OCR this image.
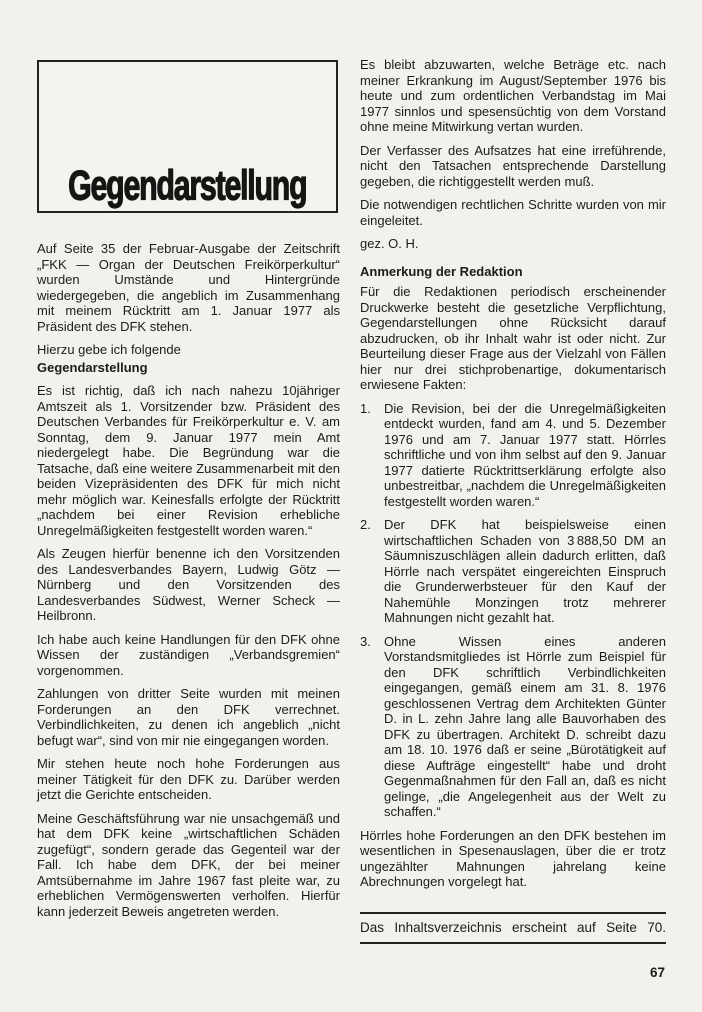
Gegendarstellung

Auf Seite 35 der Februar-Ausgabe der Zeitschrift „FKK — Organ der Deutschen Freikörperkultur“ wurden Umstände und Hintergründe wiedergegeben, die angeblich im Zusammenhang mit meinem Rücktritt am 1. Januar 1977 als Präsident des DFK stehen.

Hierzu gebe ich folgende

Gegendarstellung

Es ist richtig, daß ich nach nahezu 10jähriger Amtszeit als 1. Vorsitzender bzw. Präsident des Deutschen Verbandes für Freikörperkultur e. V. am Sonntag, dem 9. Januar 1977 mein Amt niedergelegt habe. Die Begründung war die Tatsache, daß eine weitere Zusammenarbeit mit den beiden Vizepräsidenten des DFK für mich nicht mehr möglich war. Keinesfalls erfolgte der Rücktritt „nachdem bei einer Revision erhebliche Unregelmäßigkeiten festgestellt worden waren.“

Als Zeugen hierfür benenne ich den Vorsitzenden des Landesverbandes Bayern, Ludwig Götz — Nürnberg und den Vorsitzenden des Landesverbandes Südwest, Werner Scheck — Heilbronn.

Ich habe auch keine Handlungen für den DFK ohne Wissen der zuständigen „Verbandsgremien“ vorgenommen.

Zahlungen von dritter Seite wurden mit meinen Forderungen an den DFK verrechnet. Verbindlichkeiten, zu denen ich angeblich „nicht befugt war“, sind von mir nie eingegangen worden.

Mir stehen heute noch hohe Forderungen aus meiner Tätigkeit für den DFK zu. Darüber werden jetzt die Gerichte entscheiden.

Meine Geschäftsführung war nie unsachgemäß und hat dem DFK keine „wirtschaftlichen Schäden zugefügt“, sondern gerade das Gegenteil war der Fall. Ich habe dem DFK, der bei meiner Amtsübernahme im Jahre 1967 fast pleite war, zu erheblichen Vermögenswerten verholfen. Hierfür kann jederzeit Beweis angetreten werden.

Es bleibt abzuwarten, welche Beträge etc. nach meiner Erkrankung im August/September 1976 bis heute und zum ordentlichen Verbandstag im Mai 1977 sinnlos und spesensüchtig von dem Vorstand ohne meine Mitwirkung vertan wurden.

Der Verfasser des Aufsatzes hat eine irreführende, nicht den Tatsachen entsprechende Darstellung gegeben, die richtiggestellt werden muß.

Die notwendigen rechtlichen Schritte wurden von mir eingeleitet.

gez. O. H.

Anmerkung der Redaktion

Für die Redaktionen periodisch erscheinender Druckwerke besteht die gesetzliche Verpflichtung, Gegendarstellungen ohne Rücksicht darauf abzudrucken, ob ihr Inhalt wahr ist oder nicht. Zur Beurteilung dieser Frage aus der Vielzahl von Fällen hier nur drei stichprobenartige, dokumentarisch erwiesene Fakten:

1.	Die Revision, bei der die Unregelmäßigkeiten entdeckt wurden, fand am 4. und 5. Dezember 1976 und am 7. Januar 1977 statt. Hörrles schriftliche und von ihm selbst auf den 9. Januar 1977 datierte Rücktrittserklärung erfolgte also unbestreitbar, „nachdem die Unregelmäßigkeiten festgestellt worden waren.“
2.	Der DFK hat beispielsweise einen wirtschaftlichen Schaden von 3 888,50 DM an Säumniszuschlägen allein dadurch erlitten, daß Hörrle nach verspätet eingereichten Einspruch die Grunderwerbsteuer für den Kauf der Nahemühle Monzingen trotz mehrerer Mahnungen nicht gezahlt hat.
3.	Ohne Wissen eines anderen Vorstandsmitgliedes ist Hörrle zum Beispiel für den DFK schriftlich Verbindlichkeiten eingegangen, gemäß einem am 31. 8. 1976 geschlossenen Vertrag dem Architekten Günter D. in L. zehn Jahre lang alle Bauvorhaben des DFK zu übertragen. Architekt D. schreibt dazu am 18. 10. 1976 daß er seine „Bürotätigkeit auf diese Aufträge eingestellt“ habe und droht Gegenmaßnahmen für den Fall an, daß es nicht gelinge, „die Angelegenheit aus der Welt zu schaffen.“

Hörrles hohe Forderungen an den DFK bestehen im wesentlichen in Spesenauslagen, über die er trotz ungezählter Mahnungen jahrelang keine Abrechnungen vorgelegt hat.

Das Inhaltsverzeichnis erscheint auf Seite 70.

67
